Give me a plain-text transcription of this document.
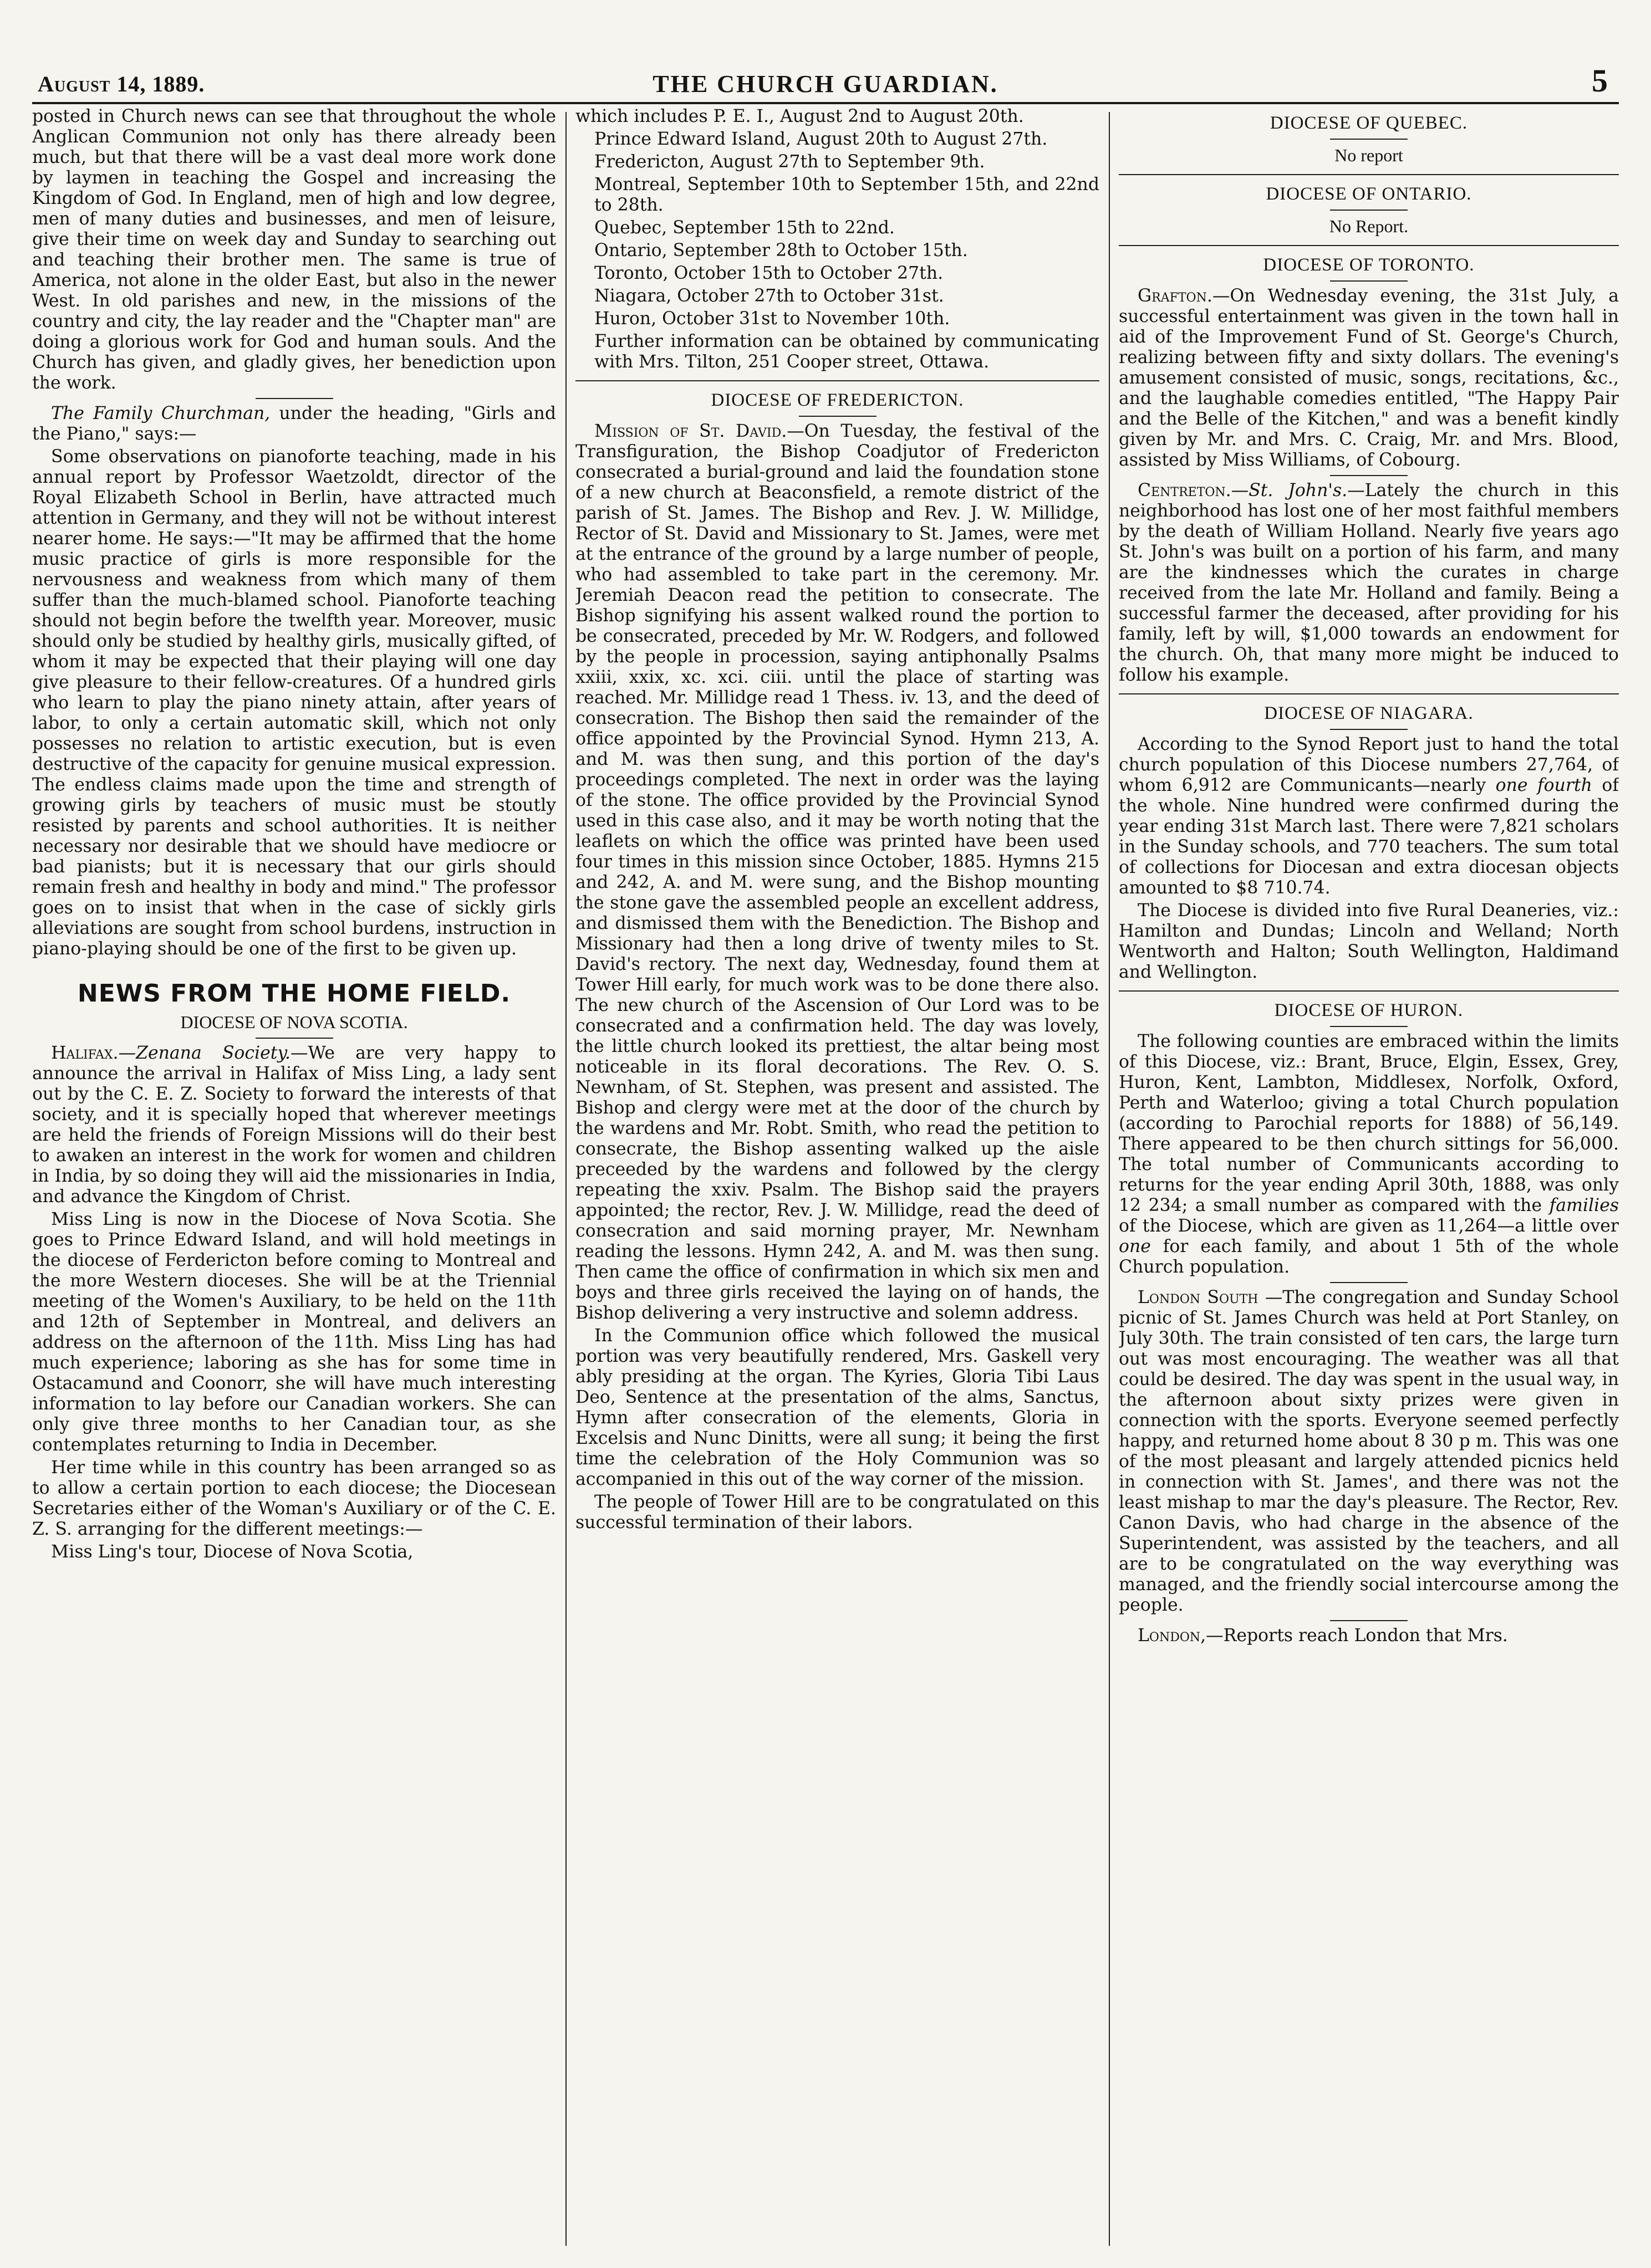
August 14, 1889.	THE CHURCH GUARDIAN.	5

posted in Church news can see that throughout the whole Anglican Communion not only has there already been much, but that there will be a vast deal more work done by laymen in teaching the Gospel and increasing the Kingdom of God. In England, men of high and low degree, men of many duties and businesses, and men of leisure, give their time on week day and Sunday to searching out and teaching their brother men. The same is true of America, not alone in the older East, but also in the newer West. In old parishes and new, in the missions of the country and city, the lay reader and the "Chapter man" are doing a glorious work for God and human souls. And the Church has given, and gladly gives, her benediction upon the work.

The Family Churchman, under the heading, "Girls and the Piano," says:—

Some observations on pianoforte teaching, made in his annual report by Professor Waetzoldt, director of the Royal Elizabeth School in Berlin, have attracted much attention in Germany, and they will not be without interest nearer home. He says:—"It may be affirmed that the home music practice of girls is more responsible for the nervousness and weakness from which many of them suffer than the much-blamed school. Pianoforte teaching should not begin before the twelfth year. Moreover, music should only be studied by healthy girls, musically gifted, of whom it may be expected that their playing will one day give pleasure to their fellow-creatures. Of a hundred girls who learn to play the piano ninety attain, after years of labor, to only a certain automatic skill, which not only possesses no relation to artistic execution, but is even destructive of the capacity for genuine musical expression. The endless claims made upon the time and strength of growing girls by teachers of music must be stoutly resisted by parents and school authorities. It is neither necessary nor desirable that we should have mediocre or bad pianists; but it is necessary that our girls should remain fresh and healthy in body and mind." The professor goes on to insist that when in the case of sickly girls alleviations are sought from school burdens, instruction in piano-playing should be one of the first to be given up.

NEWS FROM THE HOME FIELD.
DIOCESE OF NOVA SCOTIA.

Halifax.—Zenana Society.—We are very happy to announce the arrival in Halifax of Miss Ling, a lady sent out by the C. E. Z. Society to forward the interests of that society, and it is specially hoped that wherever meetings are held the friends of Foreign Missions will do their best to awaken an interest in the work for women and children in India, by so doing they will aid the missionaries in India, and advance the Kingdom of Christ.

Miss Ling is now in the Diocese of Nova Scotia. She goes to Prince Edward Island, and will hold meetings in the diocese of Ferdericton before coming to Montreal and the more Western dioceses. She will be at the Triennial meeting of the Women's Auxiliary, to be held on the 11th and 12th of September in Montreal, and delivers an address on the afternoon of the 11th. Miss Ling has had much experience; laboring as she has for some time in Ostacamund and Coonorr, she will have much interesting information to lay before our Canadian workers. She can only give three months to her Canadian tour, as she contemplates returning to India in December.

Her time while in this country has been arranged so as to allow a certain portion to each diocese; the Diocesean Secretaries either of the Woman's Auxiliary or of the C. E. Z. S. arranging for the different meetings:—

Miss Ling's tour, Diocese of Nova Scotia,

which includes P. E. I., August 2nd to August 20th.

Prince Edward Island, August 20th to August 27th.

Fredericton, August 27th to September 9th.

Montreal, September 10th to September 15th, and 22nd to 28th.

Quebec, September 15th to 22nd.

Ontario, September 28th to October 15th.

Toronto, October 15th to October 27th.

Niagara, October 27th to October 31st.

Huron, October 31st to November 10th.

Further information can be obtained by communicating with Mrs. Tilton, 251 Cooper street, Ottawa.

DIOCESE OF FREDERICTON.

Mission of St. David.—On Tuesday, the festival of the Transfiguration, the Bishop Coadjutor of Fredericton consecrated a burial-ground and laid the foundation stone of a new church at Beaconsfield, a remote district of the parish of St. James. The Bishop and Rev. J. W. Millidge, Rector of St. David and Missionary to St. James, were met at the entrance of the ground by a large number of people, who had assembled to take part in the ceremony. Mr. Jeremiah Deacon read the petition to consecrate. The Bishop signifying his assent walked round the portion to be consecrated, preceded by Mr. W. Rodgers, and followed by the people in procession, saying antiphonally Psalms xxiii, xxix, xc. xci. ciii. until the place of starting was reached. Mr. Millidge read 1 Thess. iv. 13, and the deed of consecration. The Bishop then said the remainder of the office appointed by the Provincial Synod. Hymn 213, A. and M. was then sung, and this portion of the day's proceedings completed. The next in order was the laying of the stone. The office provided by the Provincial Synod used in this case also, and it may be worth noting that the leaflets on which the office was printed have been used four times in this mission since October, 1885. Hymns 215 and 242, A. and M. were sung, and the Bishop mounting the stone gave the assembled people an excellent address, and dismissed them with the Benediction. The Bishop and Missionary had then a long drive of twenty miles to St. David's rectory. The next day, Wednesday, found them at Tower Hill early, for much work was to be done there also. The new church of the Ascension of Our Lord was to be consecrated and a confirmation held. The day was lovely, the little church looked its prettiest, the altar being most noticeable in its floral decorations. The Rev. O. S. Newnham, of St. Stephen, was present and assisted. The Bishop and clergy were met at the door of the church by the wardens and Mr. Robt. Smith, who read the petition to consecrate, the Bishop assenting walked up the aisle preceeded by the wardens and followed by the clergy repeating the xxiv. Psalm. The Bishop said the prayers appointed; the rector, Rev. J. W. Millidge, read the deed of consecration and said morning prayer, Mr. Newnham reading the lessons. Hymn 242, A. and M. was then sung. Then came the office of confirmation in which six men and boys and three girls received the laying on of hands, the Bishop delivering a very instructive and solemn address.

In the Communion office which followed the musical portion was very beautifully rendered, Mrs. Gaskell very ably presiding at the organ. The Kyries, Gloria Tibi Laus Deo, Sentence at the presentation of the alms, Sanctus, Hymn after consecration of the elements, Gloria in Excelsis and Nunc Dinitts, were all sung; it being the first time the celebration of the Holy Communion was so accompanied in this out of the way corner of the mission.

The people of Tower Hill are to be congratulated on this successful termination of their labors.

DIOCESE OF QUEBEC.
No report
DIOCESE OF ONTARIO.
No Report.
DIOCESE OF TORONTO.

Grafton.—On Wednesday evening, the 31st July, a successful entertainment was given in the town hall in aid of the Improvement Fund of St. George's Church, realizing between fifty and sixty dollars. The evening's amusement consisted of music, songs, recitations, &c., and the laughable comedies entitled, "The Happy Pair and the Belle of the Kitchen," and was a benefit kindly given by Mr. and Mrs. C. Craig, Mr. and Mrs. Blood, assisted by Miss Williams, of Cobourg.

Centreton.—St. John's.—Lately the church in this neighborhood has lost one of her most faithful members by the death of William Holland. Nearly five years ago St. John's was built on a portion of his farm, and many are the kindnesses which the curates in charge received from the late Mr. Holland and family. Being a successful farmer the deceased, after providing for his family, left by will, $1,000 towards an endowment for the church. Oh, that many more might be induced to follow his example.

DIOCESE OF NIAGARA.

According to the Synod Report just to hand the total church population of this Diocese numbers 27,764, of whom 6,912 are Communicants—nearly one fourth of the whole. Nine hundred were confirmed during the year ending 31st March last. There were 7,821 scholars in the Sunday schools, and 770 teachers. The sum total of collections for Diocesan and extra diocesan objects amounted to $8 710.74.

The Diocese is divided into five Rural Deaneries, viz.: Hamilton and Dundas; Lincoln and Welland; North Wentworth and Halton; South Wellington, Haldimand and Wellington.

DIOCESE OF HURON.

The following counties are embraced within the limits of this Diocese, viz.: Brant, Bruce, Elgin, Essex, Grey, Huron, Kent, Lambton, Middlesex, Norfolk, Oxford, Perth and Waterloo; giving a total Church population (according to Parochial reports for 1888) of 56,149. There appeared to be then church sittings for 56,000. The total number of Communicants according to returns for the year ending April 30th, 1888, was only 12 234; a small number as compared with the families of the Diocese, which are given as 11,264—a little over one for each family, and about 1 5th of the whole Church population.

London South —The congregation and Sunday School picnic of St. James Church was held at Port Stanley, on July 30th. The train consisted of ten cars, the large turn out was most encouraging. The weather was all that could be desired. The day was spent in the usual way, in the afternoon about sixty prizes were given in connection with the sports. Everyone seemed perfectly happy, and returned home about 8 30 p m. This was one of the most pleasant and largely attended picnics held in connection with St. James', and there was not the least mishap to mar the day's pleasure. The Rector, Rev. Canon Davis, who had charge in the absence of the Superintendent, was assisted by the teachers, and all are to be congratulated on the way everything was managed, and the friendly social intercourse among the people.

London,—Reports reach London that Mrs.
